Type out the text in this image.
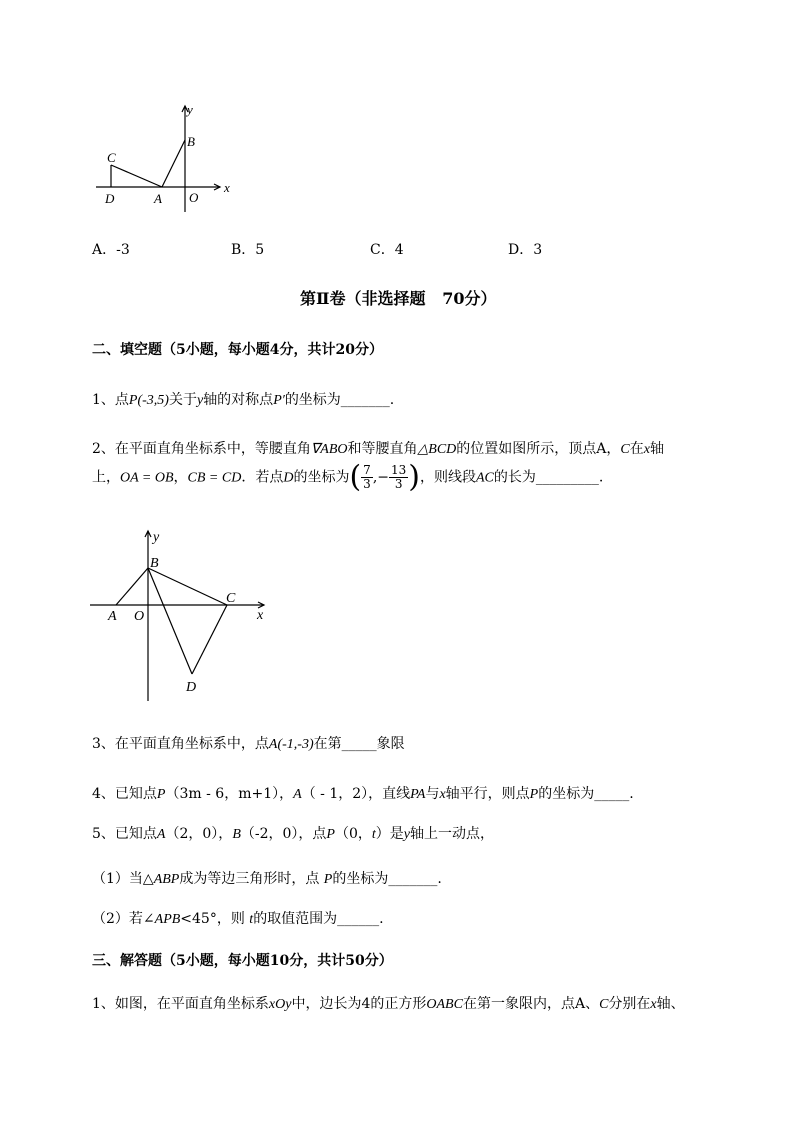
y
x
B
C
D	A O
A．-3	B．5	C．4	D．3
第Ⅱ卷（非选择题   70分）
二、填空题（5小题，每小题4分，共计20分）
1、点P(-3,5)关于y轴的对称点P′的坐标为_______.
2、在平面直角坐标系中，等腰直角∇ABO和等腰直角△BCD的位置如图所示，顶点A，C在x轴
上，OA = OB，CB = CD．若点D的坐标为( $\frac{7}{3}$ ,− $\frac{13}{3}$ )，则线段AC的长为_________.
y
x
B
A O
C
D
3、在平面直角坐标系中，点A(-1,-3)在第_____象限
4、已知点P（3m - 6，m+1），A（ - 1，2），直线PA与x轴平行，则点P的坐标为_____.
5、已知点A（2，0），B（-2，0），点P（0，t）是y轴上一动点，
（1）当△ABP成为等边三角形时，点 P的坐标为_______.
（2）若∠APB<45°，则 t的取值范围为______.
三、解答题（5小题，每小题10分，共计50分）
1、如图，在平面直角坐标系xOy中，边长为4的正方形OABC在第一象限内，点A、C分别在x轴、
